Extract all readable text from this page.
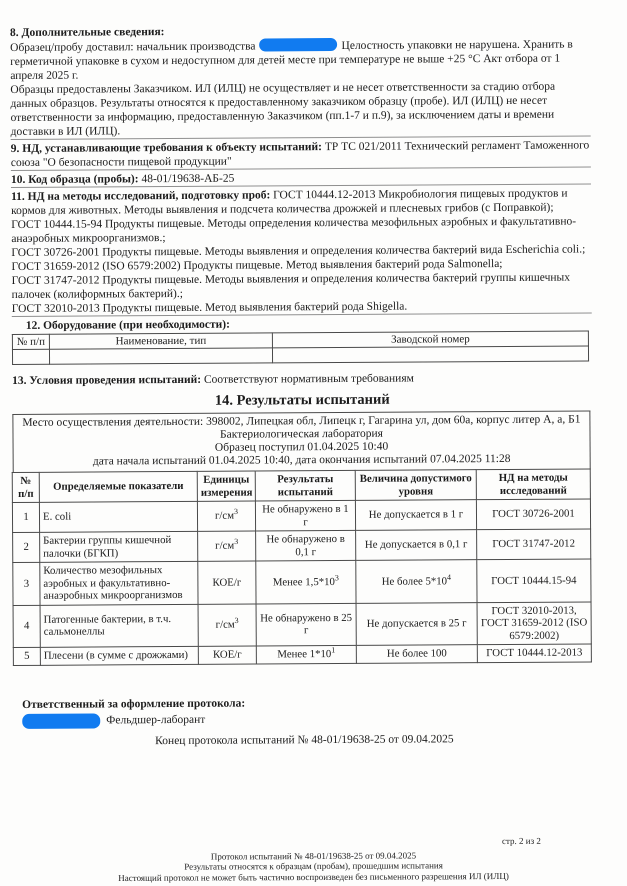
8. Дополнительные сведения:
Образец/пробу доставил: начальник производства	Целостность упаковки не нарушена. Хранить в герметичной упаковке в сухом и недоступном для детей месте при температуре не выше +25 °C Акт отбора от 1 апреля 2025 г.
Образцы предоставлены Заказчиком. ИЛ (ИЛЦ) не осуществляет и не несет ответственности за стадию отбора данных образцов. Результаты относятся к предоставленному заказчиком образцу (пробе). ИЛ (ИЛЦ) не несет ответственности за информацию, предоставленную Заказчиком (пп.1-7 и п.9), за исключением даты и времени доставки в ИЛ (ИЛЦ).
9. НД, устанавливающие требования к объекту испытаний: ТР ТС 021/2011 Технический регламент Таможенного союза "О безопасности пищевой продукции"
10. Код образца (пробы): 48-01/19638-АБ-25
11. НД на методы исследований, подготовку проб: ГОСТ 10444.12-2013 Микробиология пищевых продуктов и кормов для животных. Методы выявления и подсчета количества дрожжей и плесневых грибов (с Поправкой);
ГОСТ 10444.15-94 Продукты пищевые. Методы определения количества мезофильных аэробных и факультативно-анаэробных микроорганизмов.;
ГОСТ 30726-2001 Продукты пищевые. Методы выявления и определения количества бактерий вида Escherichia coli.;
ГОСТ 31659-2012 (ISO 6579:2002) Продукты пищевые. Метод выявления бактерий рода Salmonella;
ГОСТ 31747-2012 Продукты пищевые. Методы выявления и определения количества бактерий группы кишечных палочек (колиформных бактерий).;
ГОСТ 32010-2013 Продукты пищевые. Метод выявления бактерий рода Shigella.
12. Оборудование (при необходимости):
№ п/п	Наименование, тип	Заводской номер

13. Условия проведения испытаний: Соответствуют нормативным требованиям
14. Результаты испытаний
Место осуществления деятельности: 398002, Липецкая обл, Липецк г, Гагарина ул, дом 60а, корпус литер А, а, Б1
Бактериологическая лаборатория
Образец поступил 01.04.2025 10:40
дата начала испытаний 01.04.2025 10:40, дата окончания испытаний 07.04.2025 11:28
№ п/п	Определяемые показатели	Единицы измерения	Результаты испытаний	Величина допустимого уровня	НД на методы исследований
1	E. coli	$г/см^3$	Не обнаружено в 1 г	Не допускается в 1 г	ГОСТ 30726-2001
2	Бактерии группы кишечной палочки (БГКП)	$г/см^3$	Не обнаружено в 0,1 г	Не допускается в 0,1 г	ГОСТ 31747-2012
3	Количество мезофильных аэробных и факультативно-анаэробных микроорганизмов	КОЕ/г	Менее $1,5*10^3$	Не более $5*10^4$	ГОСТ 10444.15-94
4	Патогенные бактерии, в т.ч. сальмонеллы	$г/см^3$	Не обнаружено в 25 г	Не допускается в 25 г	ГОСТ 32010-2013, ГОСТ 31659-2012 (ISO 6579:2002)
5	Плесени (в сумме с дрожжами)	КОЕ/г	Менее $1*10^1$	Не более 100	ГОСТ 10444.12-2013
Ответственный за оформление протокола:
Фельдшер-лаборант
Конец протокола испытаний № 48-01/19638-25 от 09.04.2025
стр. 2 из 2
Протокол испытаний № 48-01/19638-25 от 09.04.2025
Результаты относятся к образцам (пробам), прошедшим испытания
Настоящий протокол не может быть частично воспроизведен без письменного разрешения ИЛ (ИЛЦ)
